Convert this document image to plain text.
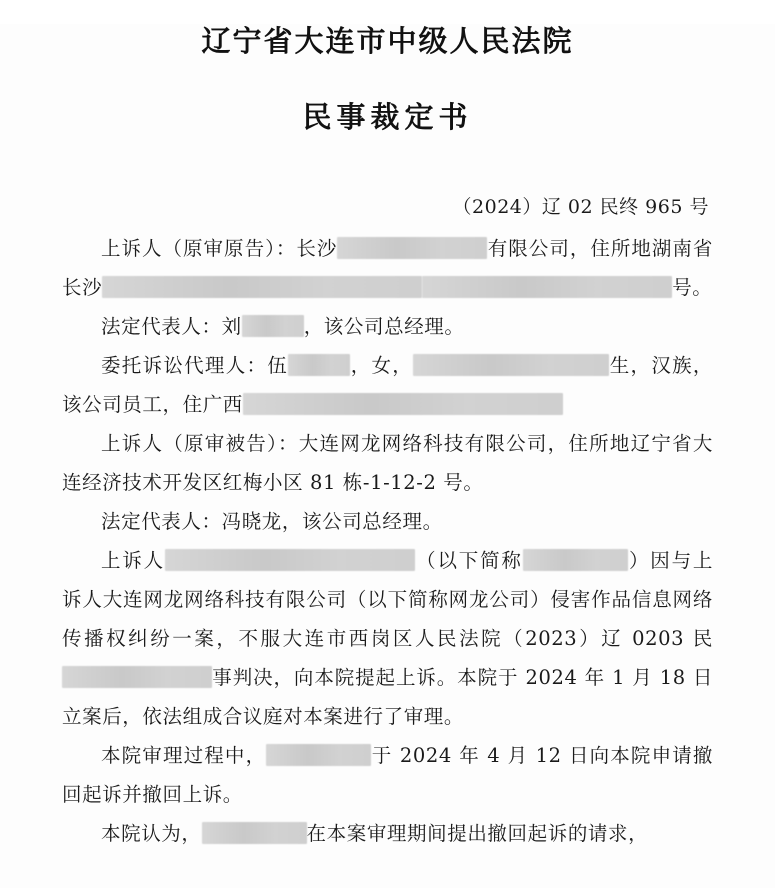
辽宁省大连市中级人民法院
民事裁定书
（2024）辽 02 民终 965 号
上诉人（原审原告）：长沙	有限公司，住所地湖南省长沙	号。
法定代表人：刘	，该公司总经理。
委托诉讼代理人：伍	，女，	生，汉族，该公司员工，住广西
上诉人（原审被告）：大连网龙网络科技有限公司，住所地辽宁省大连经济技术开发区红梅小区 81 栋-1-12-2 号。
法定代表人：冯晓龙，该公司总经理。
上诉人	（以下简称	）因与上诉人大连网龙网络科技有限公司（以下简称网龙公司）侵害作品信息网络传播权纠纷一案，不服大连市西岗区人民法院（2023）辽 0203 民事判决，向本院提起上诉。本院于 2024 年 1 月 18 日立案后，依法组成合议庭对本案进行了审理。
本院审理过程中，	于 2024 年 4 月 12 日向本院申请撤回起诉并撤回上诉。
本院认为，	在本案审理期间提出撤回起诉的请求，
